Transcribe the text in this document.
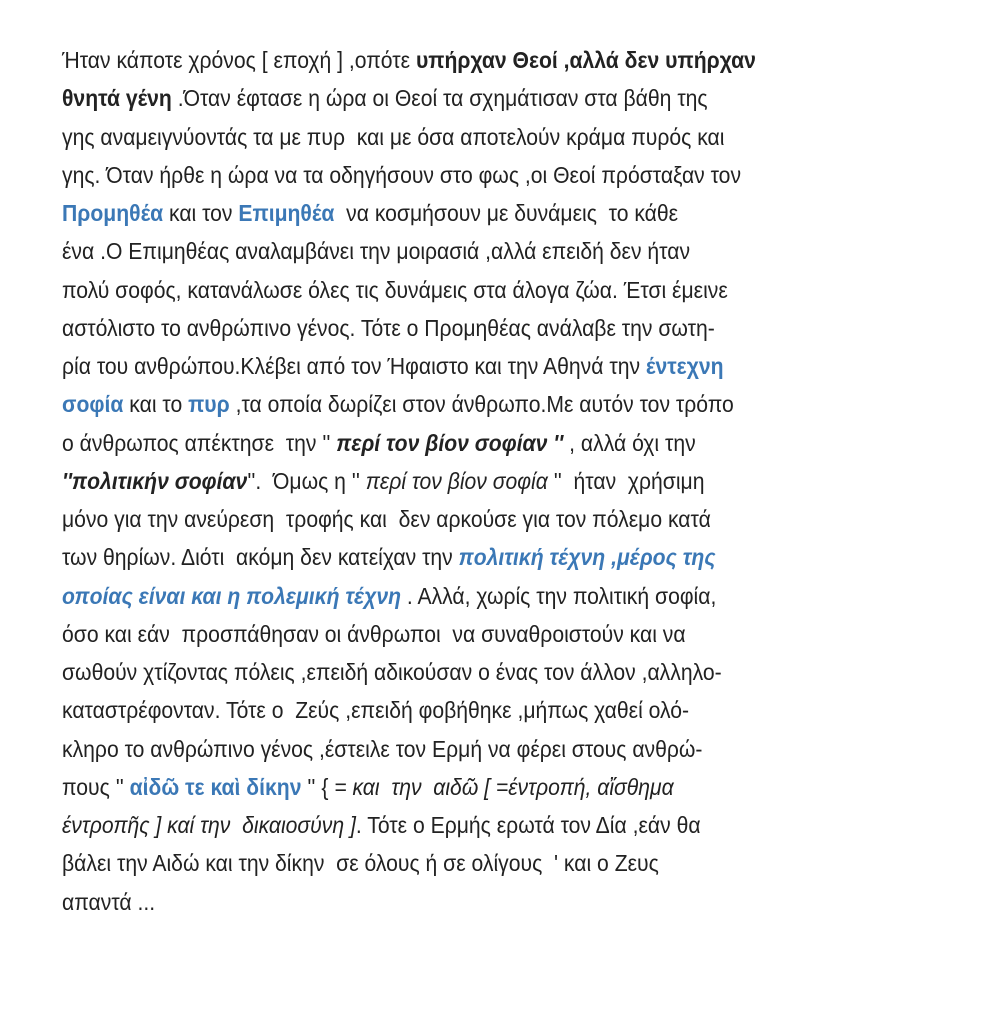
Ήταν κάποτε χρόνος [ εποχή ] ,οπότε υπήρχαν Θεοί ,αλλά δεν υπήρχαν
θνητά γένη .Όταν έφτασε η ώρα οι Θεοί τα σχημάτισαν στα βάθη της
γης αναμειγνύοντάς τα με πυρ  και με όσα αποτελούν κράμα πυρός και
γης. Όταν ήρθε η ώρα να τα οδηγήσουν στο φως ,οι Θεοί πρόσταξαν τον
Προμηθέα και τον Επιμηθέα  να κοσμήσουν με δυνάμεις  το κάθε
ένα .Ο Επιμηθέας αναλαμβάνει την μοιρασιά ,αλλά επειδή δεν ήταν
πολύ σοφός, κατανάλωσε όλες τις δυνάμεις στα άλογα ζώα. Έτσι έμεινε
αστόλιστο το ανθρώπινο γένος. Τότε ο Προμηθέας ανάλαβε την σωτη-
ρία του ανθρώπου.Κλέβει από τον Ήφαιστο και την Αθηνά την έντεχνη
σοφία και το πυρ ,τα οποία δωρίζει στον άνθρωπο.Με αυτόν τον τρόπο
ο άνθρωπος απέκτησε  την '' περί τον βίον σοφίαν '' , αλλά όχι την
''πολιτικήν σοφίαν''.  Όμως η '' περί τον βίον σοφία ''  ήταν  χρήσιμη
μόνο για την ανεύρεση  τροφής και  δεν αρκούσε για τον πόλεμο κατά
των θηρίων. Διότι  ακόμη δεν κατείχαν την πολιτική τέχνη ,μέρος της
οποίας είναι και η πολεμική τέχνη . Αλλά, χωρίς την πολιτική σοφία,
όσο και εάν  προσπάθησαν οι άνθρωποι  να συναθροιστούν και να
σωθούν χτίζοντας πόλεις ,επειδή αδικούσαν ο ένας τον άλλον ,αλληλο-
καταστρέφονταν. Τότε ο  Ζεύς ,επειδή φοβήθηκε ,μήπως χαθεί ολό-
κληρο το ανθρώπινο γένος ,έστειλε τον Ερμή να φέρει στους ανθρώ-
πους '' αἰδῶ τε καὶ δίκην '' { = και  την  αιδῶ [ =έντροπή, αἴσθημα
έντροπῆς ] καί την  δικαιοσύνη ]. Τότε ο Ερμής ερωτά τον Δία ,εάν θα
βάλει την Αιδώ και την δίκην  σε όλους ή σε ολίγους  ' και ο Ζευς
απαντά ...
